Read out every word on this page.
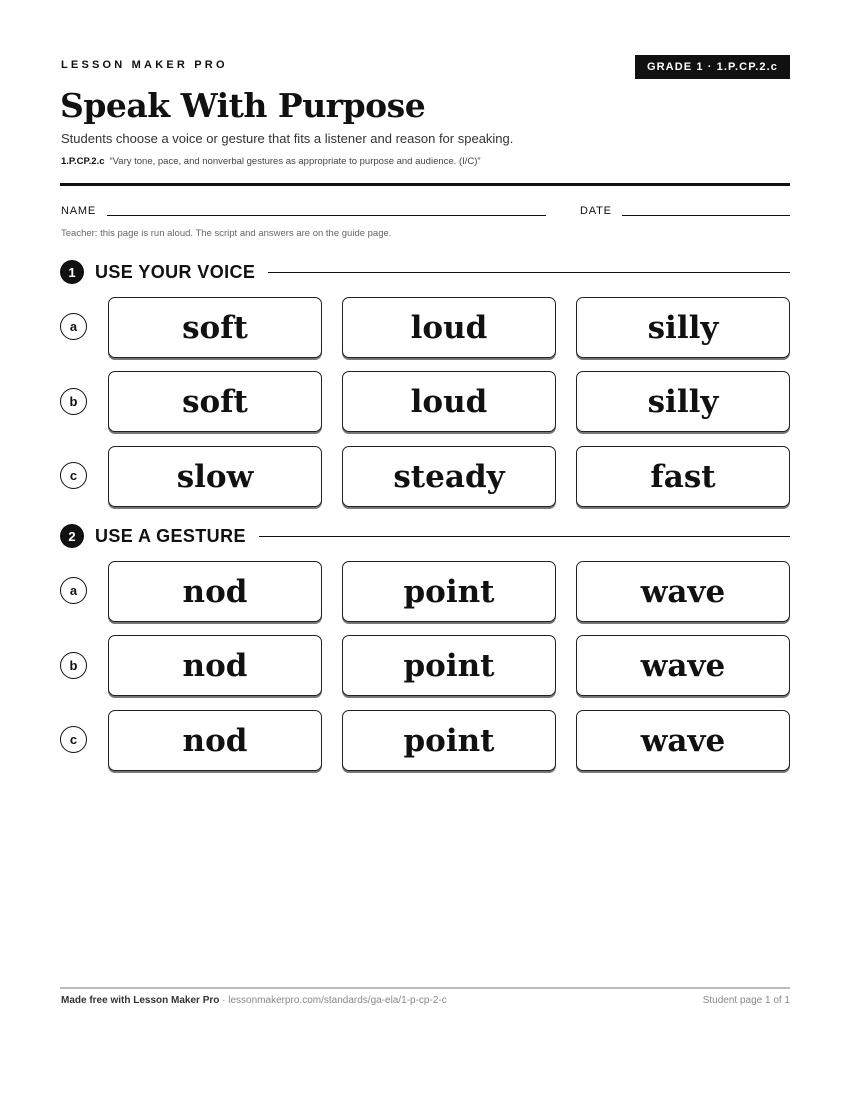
LESSON MAKER PRO	GRADE 1 · 1.P.CP.2.c
Speak With Purpose
Students choose a voice or gesture that fits a listener and reason for speaking.
1.P.CP.2.c “Vary tone, pace, and nonverbal gestures as appropriate to purpose and audience. (I/C)”
NAME	DATE
Teacher: this page is run aloud. The script and answers are on the guide page.
1	USE YOUR VOICE
a	soft	loud	silly
b	soft	loud	silly
c	slow	steady	fast
2	USE A GESTURE
a	nod	point	wave
b	nod	point	wave
c	nod	point	wave
Made free with Lesson Maker Pro · lessonmakerpro.com/standards/ga-ela/1-p-cp-2-c	Student page 1 of 1
